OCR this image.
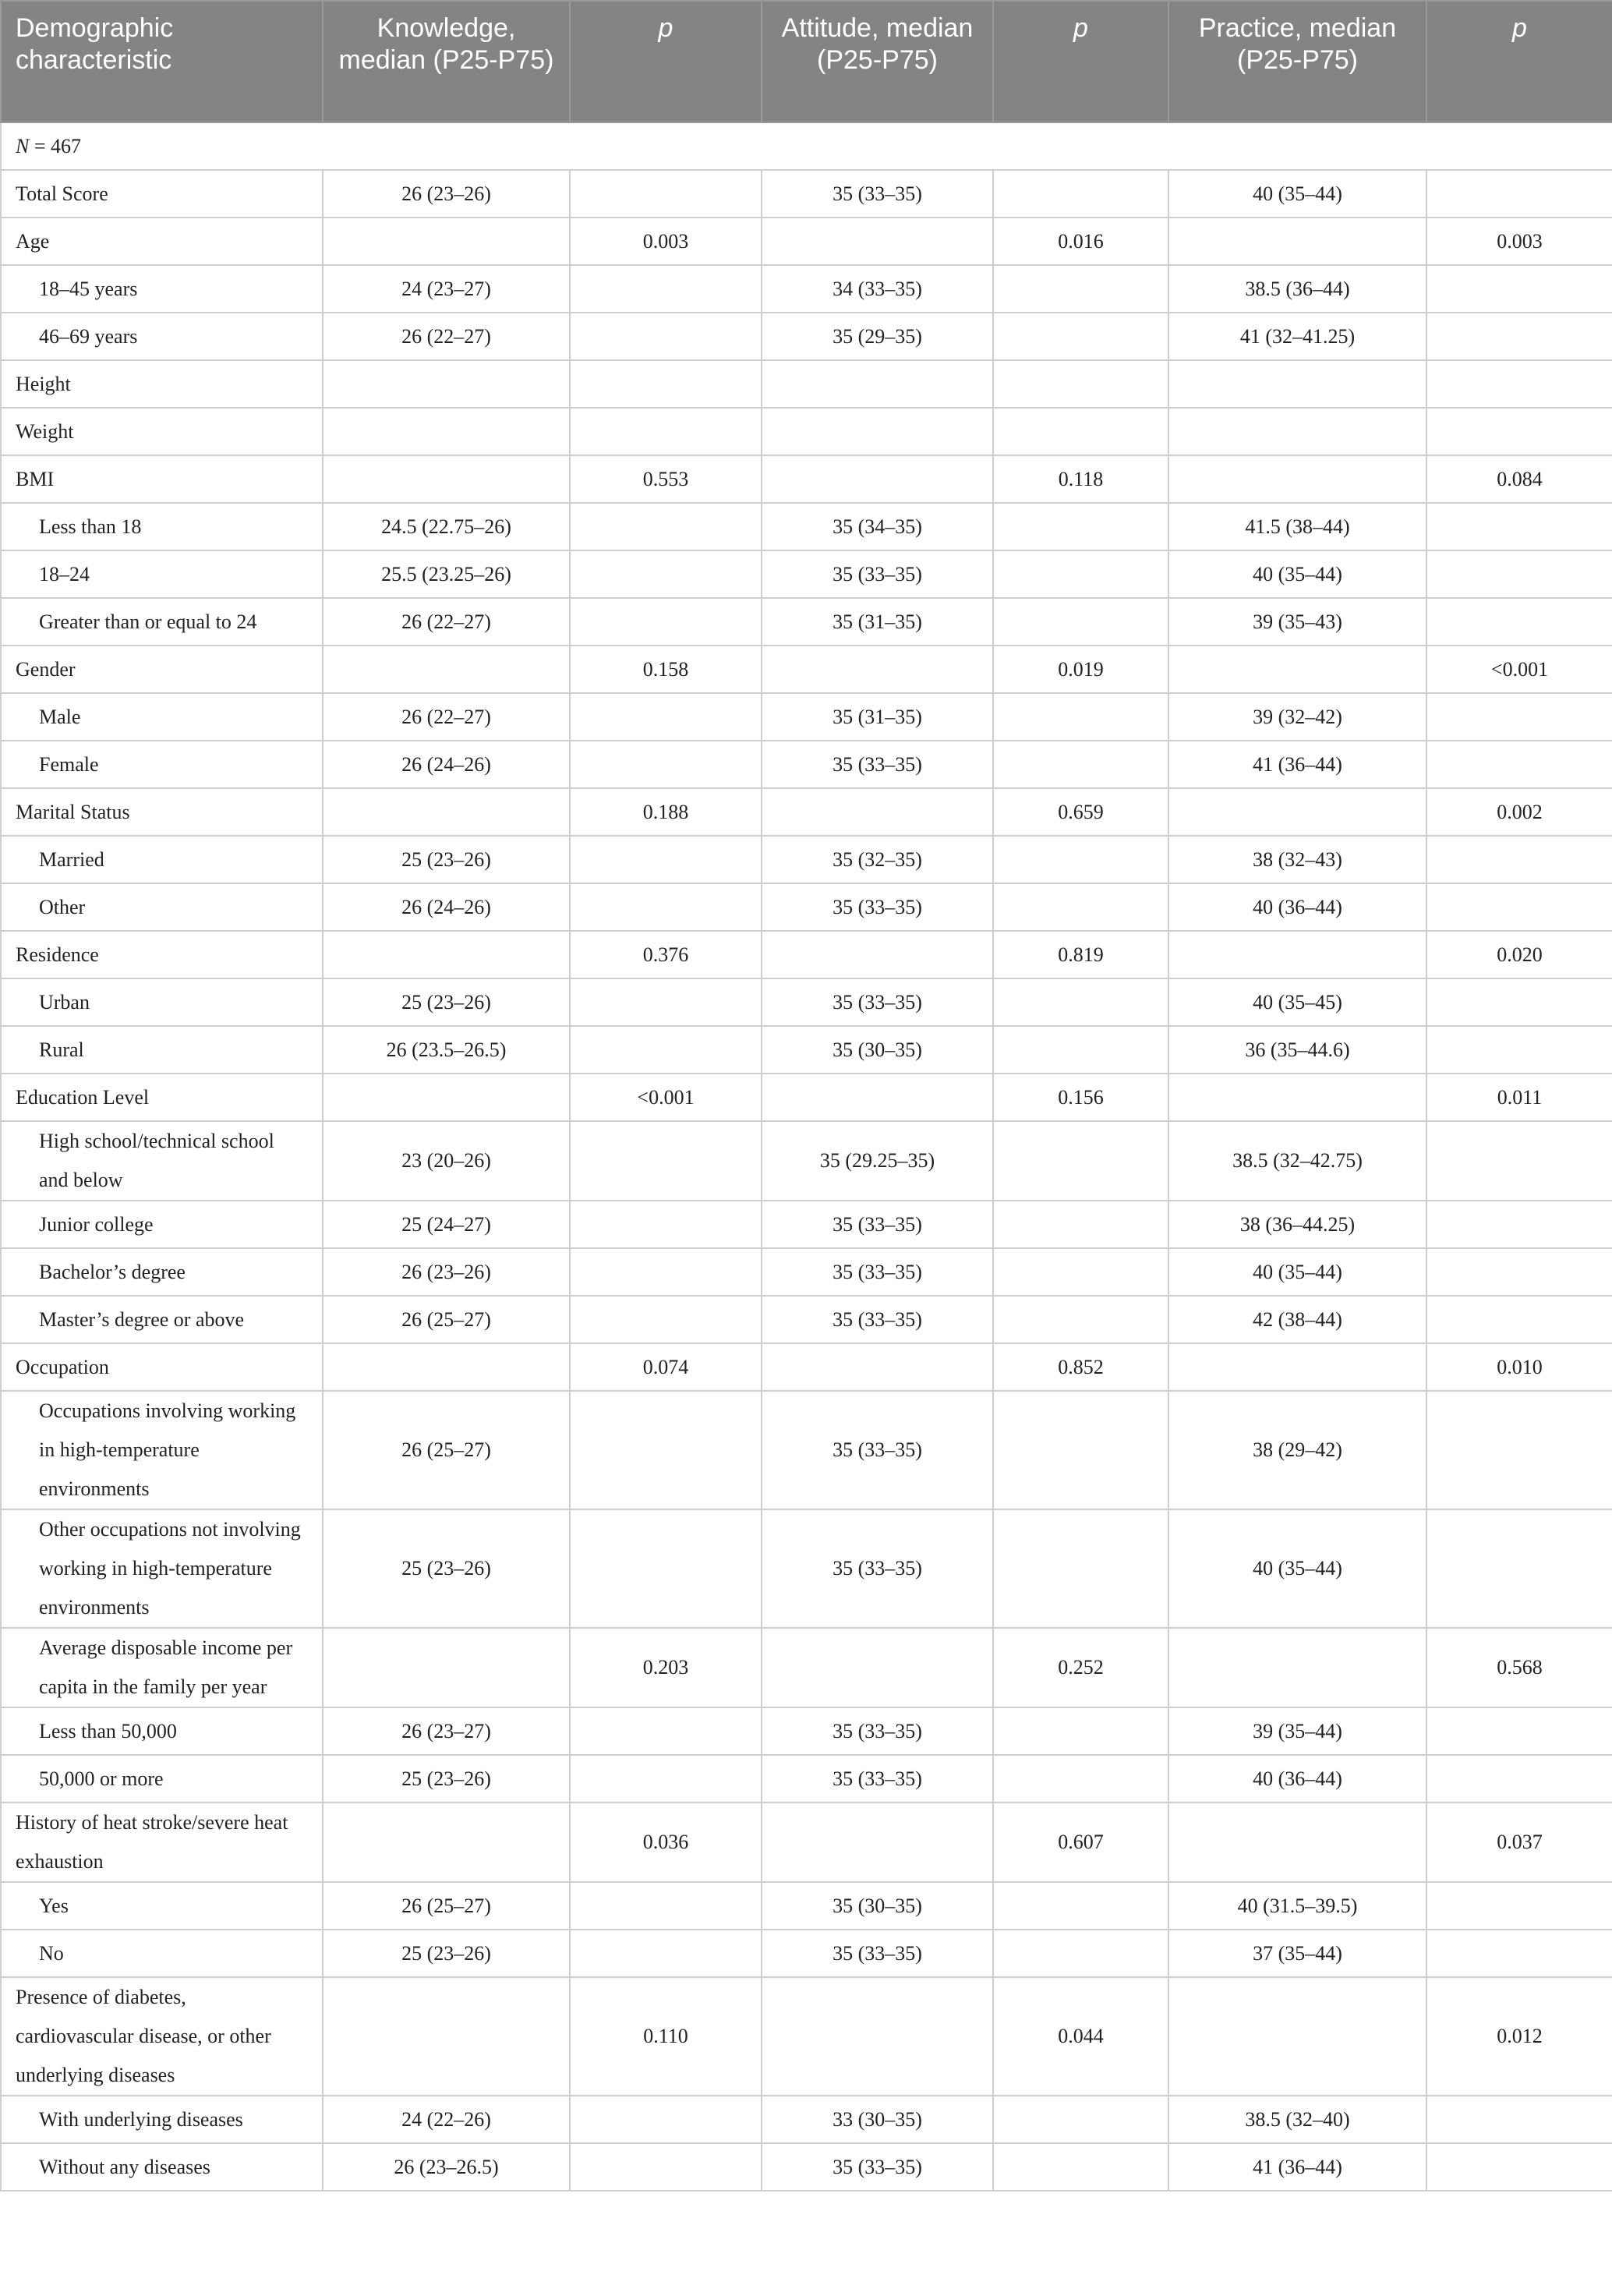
Demographic characteristic	Knowledge, median (P25-P75)	p	Attitude, median (P25-P75)	p	Practice, median (P25-P75)	p
N = 467						
Total Score	26 (23–26)		35 (33–35)		40 (35–44)	
Age		0.003		0.016		0.003
18–45 years	24 (23–27)		34 (33–35)		38.5 (36–44)	
46–69 years	26 (22–27)		35 (29–35)		41 (32–41.25)	
Height						
Weight						
BMI		0.553		0.118		0.084
Less than 18	24.5 (22.75–26)		35 (34–35)		41.5 (38–44)	
18–24	25.5 (23.25–26)		35 (33–35)		40 (35–44)	
Greater than or equal to 24	26 (22–27)		35 (31–35)		39 (35–43)	
Gender		0.158		0.019		<0.001
Male	26 (22–27)		35 (31–35)		39 (32–42)	
Female	26 (24–26)		35 (33–35)		41 (36–44)	
Marital Status		0.188		0.659		0.002
Married	25 (23–26)		35 (32–35)		38 (32–43)	
Other	26 (24–26)		35 (33–35)		40 (36–44)	
Residence		0.376		0.819		0.020
Urban	25 (23–26)		35 (33–35)		40 (35–45)	
Rural	26 (23.5–26.5)		35 (30–35)		36 (35–44.6)	
Education Level		<0.001		0.156		0.011
High school/technical school and below	23 (20–26)		35 (29.25–35)		38.5 (32–42.75)	
Junior college	25 (24–27)		35 (33–35)		38 (36–44.25)	
Bachelor’s degree	26 (23–26)		35 (33–35)		40 (35–44)	
Master’s degree or above	26 (25–27)		35 (33–35)		42 (38–44)	
Occupation		0.074		0.852		0.010
Occupations involving working in high-temperature environments	26 (25–27)		35 (33–35)		38 (29–42)	
Other occupations not involving working in high-temperature environments	25 (23–26)		35 (33–35)		40 (35–44)	
Average disposable income per capita in the family per year		0.203		0.252		0.568
Less than 50,000	26 (23–27)		35 (33–35)		39 (35–44)	
50,000 or more	25 (23–26)		35 (33–35)		40 (36–44)	
History of heat stroke/severe heat exhaustion		0.036		0.607		0.037
Yes	26 (25–27)		35 (30–35)		40 (31.5–39.5)	
No	25 (23–26)		35 (33–35)		37 (35–44)	
Presence of diabetes, cardiovascular disease, or other underlying diseases		0.110		0.044		0.012
With underlying diseases	24 (22–26)		33 (30–35)		38.5 (32–40)	
Without any diseases	26 (23–26.5)		35 (33–35)		41 (36–44)	
